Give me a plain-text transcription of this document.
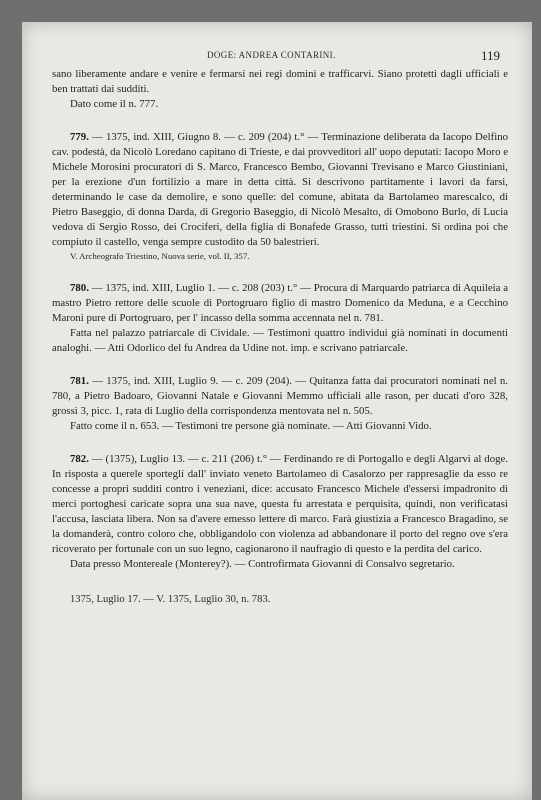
DOGE: ANDREA CONTARINI.	119

sano liberamente andare e venire e fermarsi nei regi domini e trafficarvi. Siano protetti dagli ufficiali e ben trattati dai sudditi.

Dato come il n. 777.

779. — 1375, ind. XIII, Giugno 8. — c. 209 (204) t.° — Terminazione deliberata da Iacopo Delfino cav. podestà, da Nicolò Loredano capitano di Trieste, e dai provveditori all' uopo deputati: Iacopo Moro e Michele Morosini procuratori di S. Marco, Francesco Bembo, Giovanni Trevisano e Marco Giustiniani, per la erezione d'un fortilizio a mare in detta città. Si descrivono partitamente i lavori da farsi, determinando le case da demolire, e sono quelle: del comune, abitata da Bartolameo marescalco, di Pietro Baseggio, di donna Darda, di Gregorio Baseggio, di Nicolò Mesalto, di Omobono Burlo, di Lucia vedova di Sergio Rosso, dei Crociferi, della figlia di Bonafede Grasso, tutti triestini. Si ordina poi che compiuto il castello, venga sempre custodito da 50 balestrieri.

V. Archeografo Triestino, Nuova serie, vol. II, 357.

780. — 1375, ind. XIII, Luglio 1. — c. 208 (203) t.° — Procura di Marquardo patriarca di Aquileia a mastro Pietro rettore delle scuole di Portogruaro figlio di mastro Domenico da Meduna, e a Cecchino Maroni pure di Portogruaro, per l' incasso della somma accennata nel n. 781.

Fatta nel palazzo patriarcale di Cividale. — Testimoni quattro individui già nominati in documenti analoghi. — Atti Odorlico del fu Andrea da Udine not. imp. e scrivano patriarcale.

781. — 1375, ind. XIII, Luglio 9. — c. 209 (204). — Quitanza fatta dai procuratori nominati nel n. 780, a Pietro Badoaro, Giovanni Natale e Giovanni Memmo ufficiali alle rason, per ducati d'oro 328, grossi 3, picc. 1, rata di Luglio della corrispondenza mentovata nel n. 505.

Fatto come il n. 653. — Testimoni tre persone già nominate. — Atti Giovanni Vido.

782. — (1375), Luglio 13. — c. 211 (206) t.° — Ferdinando re di Portogallo e degli Algarvi al doge. In risposta a querele sporteglí dall' inviato veneto Bartolameo di Casalorzo per rappresaglie da esso re concesse a propri sudditi contro i veneziani, dice: accusato Francesco Michele d'essersi impadronito di merci portoghesi caricate sopra una sua nave, questa fu arrestata e perquisita, quindi, non verificatasi l'accusa, lasciata libera. Non sa d'avere emesso lettere di marco. Farà giustizia a Francesco Bragadino, se la domanderà, contro coloro che, obbligandolo con violenza ad abbandonare il porto del regno ove s'era ricoverato per fortunale con un suo legno, cagionarono il naufragio di questo e la perdita del carico.

Data presso Montereale (Monterey?). — Controfirmata Giovanni di Consalvo segretario.

1375, Luglio 17. — V. 1375, Luglio 30, n. 783.
